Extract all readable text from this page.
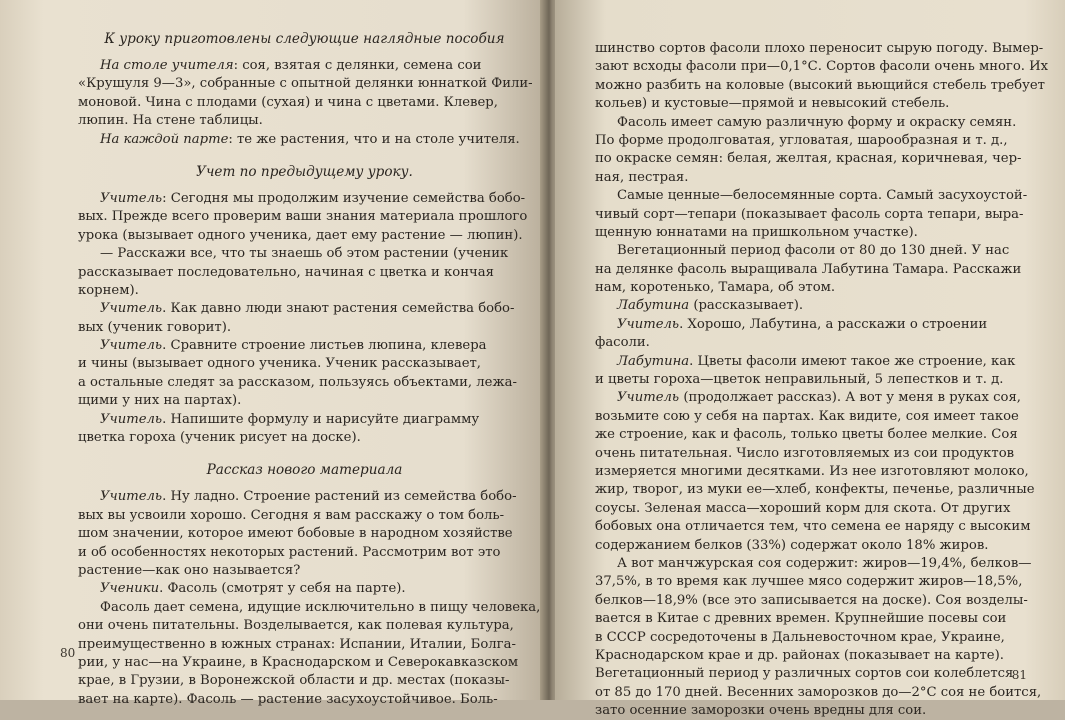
К уроку приготовлены следующие наглядные пособия
На столе учителя: соя, взятая с делянки, семена сои
«Крушуля 9—3», собранные с опытной делянки юннаткой Фили-
моновой. Чина с плодами (сухая) и чина с цветами. Клевер,
люпин. На стене таблицы.
На каждой парте: те же растения, что и на столе учителя.
Учет по предыдущему уроку.
Учитель: Сегодня мы продолжим изучение семейства бобо-
вых. Прежде всего проверим ваши знания материала прошлого
урока (вызывает одного ученика, дает ему растение — люпин).
— Расскажи все, что ты знаешь об этом растении (ученик
рассказывает последовательно, начиная с цветка и кончая
корнем).
Учитель. Как давно люди знают растения семейства бобо-
вых (ученик говорит).
Учитель. Сравните строение листьев люпина, клевера
и чины (вызывает одного ученика. Ученик рассказывает,
а остальные следят за рассказом, пользуясь объектами, лежа-
щими у них на партах).
Учитель. Напишите формулу и нарисуйте диаграмму
цветка гороха (ученик рисует на доске).
Рассказ нового материала
Учитель. Ну ладно. Строение растений из семейства бобо-
вых вы усвоили хорошо. Сегодня я вам расскажу о том боль-
шом значении, которое имеют бобовые в народном хозяйстве
и об особенностях некоторых растений. Рассмотрим вот это
растение—как оно называется?
Ученики. Фасоль (смотрят у себя на парте).
Фасоль дает семена, идущие исключительно в пищу человека,
они очень питательны. Возделывается, как полевая культура,
преимущественно в южных странах: Испании, Италии, Болга-
рии, у нас—на Украине, в Краснодарском и Северокавказском
крае, в Грузии, в Воронежской области и др. местах (показы-
вает на карте). Фасоль — растение засухоустойчивое. Боль-
80
шинство сортов фасоли плохо переносит сырую погоду. Вымер-
зают всходы фасоли при—0,1°С. Сортов фасоли очень много. Их
можно разбить на коловые (высокий вьющийся стебель требует
кольев) и кустовые—прямой и невысокий стебель.
Фасоль имеет самую различную форму и окраску семян.
По форме продолговатая, угловатая, шарообразная и т. д.,
по окраске семян: белая, желтая, красная, коричневая, чер-
ная, пестрая.
Самые ценные—белосемянные сорта. Самый засухоустой-
чивый сорт—тепари (показывает фасоль сорта тепари, выра-
щенную юннатами на пришкольном участке).
Вегетационный период фасоли от 80 до 130 дней. У нас
на делянке фасоль выращивала Лабутина Тамара. Расскажи
нам, коротенько, Тамара, об этом.
Лабутина (рассказывает).
Учитель. Хорошо, Лабутина, а расскажи о строении
фасоли.
Лабутина. Цветы фасоли имеют такое же строение, как
и цветы гороха—цветок неправильный, 5 лепестков и т. д.
Учитель (продолжает рассказ). А вот у меня в руках соя,
возьмите сою у себя на партах. Как видите, соя имеет такое
же строение, как и фасоль, только цветы более мелкие. Соя
очень питательная. Число изготовляемых из сои продуктов
измеряется многими десятками. Из нее изготовляют молоко,
жир, творог, из муки ее—хлеб, конфекты, печенье, различные
соусы. Зеленая масса—хороший корм для скота. От других
бобовых она отличается тем, что семена ее наряду с высоким
содержанием белков (33%) содержат около 18% жиров.
А вот манчжурская соя содержит: жиров—19,4%, белков—
37,5%, в то время как лучшее мясо содержит жиров—18,5%,
белков—18,9% (все это записывается на доске). Соя возделы-
вается в Китае с древних времен. Крупнейшие посевы сои
в СССР сосредоточены в Дальневосточном крае, Украине,
Краснодарском крае и др. районах (показывает на карте).
Вегетационный период у различных сортов сои колеблется
от 85 до 170 дней. Весенних заморозков до—2°С соя не боится,
зато осенние заморозки очень вредны для сои.
81
